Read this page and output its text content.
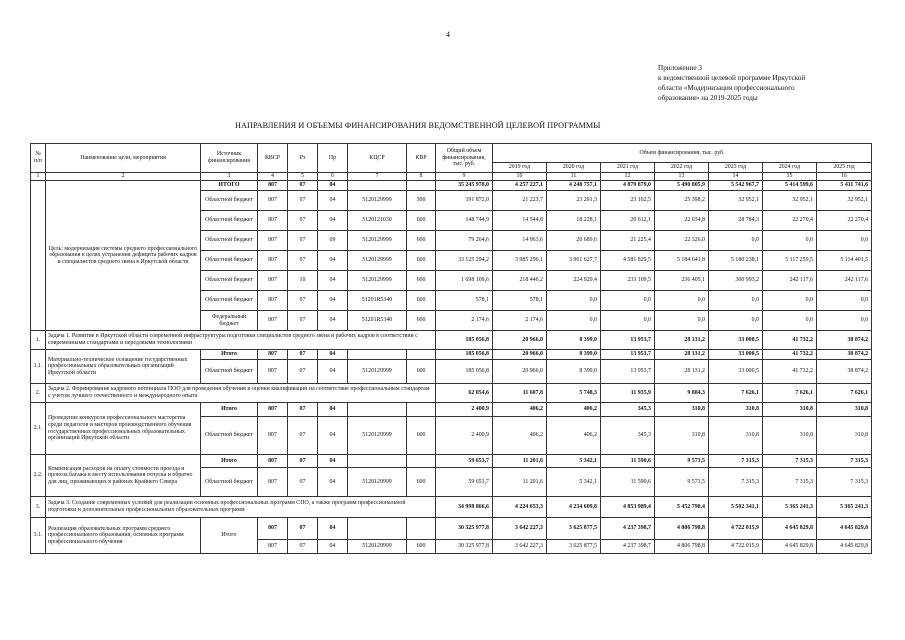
4
Приложение 3
к ведомственной целевой программе Иркутской
области «Модернизация профессионального
образования» на 2019-2025 годы
НАПРАВЛЕНИЯ И ОБЪЕМЫ ФИНАНСИРОВАНИЯ ВЕДОМСТВЕННОЙ ЦЕЛЕВОЙ ПРОГРАММЫ
№ п/п	Наименование цели, мероприятия	Источник финансирования	КВСР	Рз	Пр	КЦСР	КВР	Общий объем финансирования, тыс. руб.	Объем финансирования, тыс. руб.						
									2019 год	2020 год	2021 год	2022 год	2023 год	2024 год	2025 год
1	2	3	4	5	6	7	8	9	10	11	12	13	14	15	16
	Цель: модернизация системы среднего профессионального образования в целях устранения дефицита рабочих кадров и специалистов среднего звена в Иркутской области	ИТОГО	807	07	04			35 245 978,0	4 257 227,1	4 248 757,1	4 879 879,0	5 490 805,9	5 542 967,7	5 414 599,6	5 411 741,6
		Областной бюджет	807	07	04	5120129999	300	191 872,0	21 223,7	23 291,3	23 102,5	25 398,2	32 952,1	32 952,1	32 952,1
		Областной бюджет	807	07	04	5120121030	600	148 744,9	14 544,8	18 228,1	20 612,1	22 034,8	28 784,3	22 270,4	22 270,4
		Областной бюджет	807	07	09	5120129999	600	79 264,6	14 963,6	20 689,6	21 225,4	22 326,0	0,0	0,0	0,0
		Областной бюджет	807	07	04	5120129999	600	33 125 294,2	3 985 296,1	3 961 627,7	4 581 829,5	5 184 641,8	5 180 238,1	5 117 259,5	5 114 401,5
		Областной бюджет	807	10	04	5120129999	600	1 698 109,6	218 446,2	224 920,4	233 109,5	236 405,1	300 993,2	242 117,6	242 117,6
		Областной бюджет	807	07	04	51201R5340	600	578,1	578,1	0,0	0,0	0,0	0,0	0,0	0,0
		Федеральный бюджет	807	07	04	51201R5340	600	2 174,6	2 174,6	0,0	0,0	0,0	0,0	0,0	0,0
1.	Задача 1. Развитие в Иркутской области современной инфраструктуры подготовки специалистов среднего звена и рабочих кадров в соответствии с современными стандартами и передовыми технологиями							185 056,8	20 966,0	8 399,0	13 953,7	28 131,2	33 000,5	41 732,2	38 874,2
1.1.	Материально-техническое оснащение государственных профессиональных образовательных организаций Иркутской области	Итого	807	07	04			185 056,8	20 966,0	8 399,0	13 953,7	28 131,2	33 000,5	41 732,2	38 874,2
		Областной бюджет	807	07	04	5120129999	600	185 056,8	20 966,0	8 399,0	13 953,7	28 131,2	33 000,5	41 732,2	38 874,2
2.	Задача 2. Формирование кадрового потенциала ПОО для проведения обучения и оценки квалификации на соответствие профессиональным стандартам с учетом лучшего отечественного и международного опыта							62 054,6	11 607,8	5 748,3	11 935,9	9 884,3	7 626,1	7 626,1	7 626,1
2.1.	Проведение конкурсов профессионального мастерства среди педагогов и мастеров производственного обучения государственных профессиональных образовательных организаций Иркутской области	Итого	807	07	04			2 400,9	406,2	406,2	345,3	310,8	310,8	310,8	310,8
		Областной бюджет	807	07	04	5120129999	600	2 400,9	406,2	406,2	345,3	310,8	310,8	310,8	310,8
2.2.	Компенсация расходов на оплату стоимости проезда и провоза багажа к месту использования отпуска и обратно для лиц, проживающих в районах Крайнего Севера	Итого	807	07	04			59 653,7	11 201,6	5 342,1	11 590,6	9 573,5	7 315,3	7 315,3	7 315,3
		Областной бюджет	807	07	04	5120129999	600	59 653,7	11 201,6	5 342,1	11 590,6	9 573,5	7 315,3	7 315,3	7 315,3
3.	Задача 3. Создание современных условий для реализации основных профессиональных программ СПО, а также программ профессиональной подготовки и дополнительных профессиональных образовательных программ							34 998 866,6	4 224 653,3	4 234 609,8	4 853 989,4	5 452 790,4	5 502 341,1	5 365 241,3	5 365 241,3
3.1.	Реализация образовательных программ среднего профессионального образования, основных программ профессионального обучения	Итого	807	07	04			30 325 977,8	3 642 227,3	3 625 877,5	4 237 398,7	4 806 798,8	4 722 015,9	4 645 829,8	4 645 829,8
			807	07	04	5120129999	600	30 325 977,8	3 642 227,3	3 625 877,5	4 237 398,7	4 806 798,8	4 722 015,9	4 645 829,8	4 645 829,8
